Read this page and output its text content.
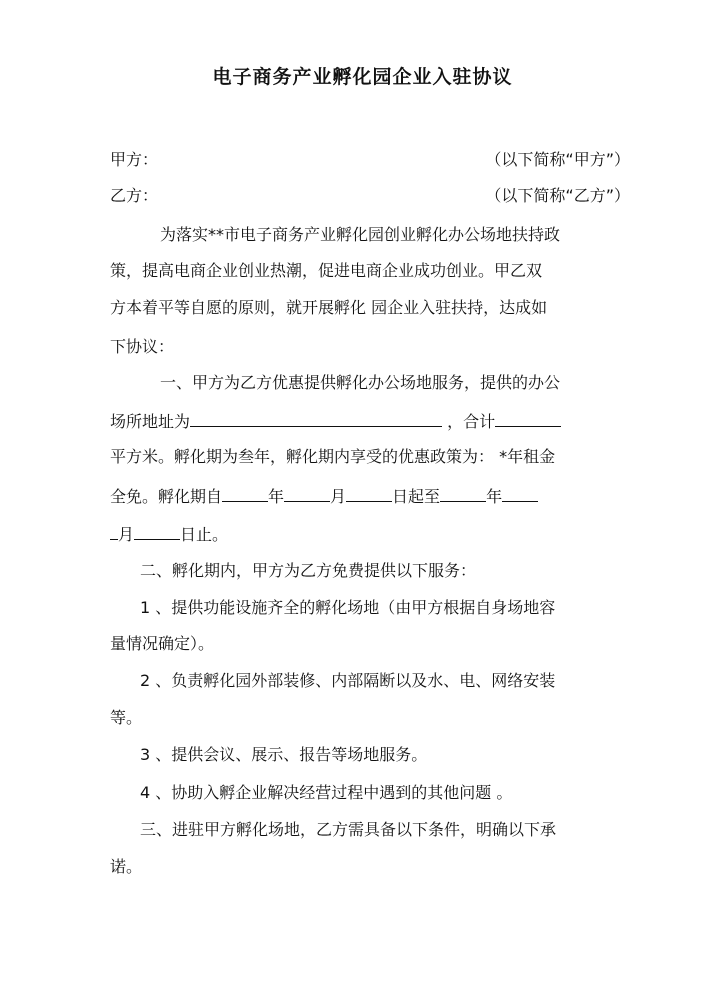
电子商务产业孵化园企业入驻协议
甲方：	（以下简称“甲方”）
乙方：	（以下简称“乙方”）
为落实**市电子商务产业孵化园创业孵化办公场地扶持政
策，提高电商企业创业热潮，促进电商企业成功创业。甲乙双
方本着平等自愿的原则，就开展孵化 园企业入驻扶持，达成如
下协议：
一、甲方为乙方优惠提供孵化办公场地服务，提供的办公
场所地址为	，合计
平方米。孵化期为叁年，孵化期内享受的优惠政策为： *年租金
全免。孵化期自	年	月	日起至	年
月	日止。
二、孵化期内，甲方为乙方免费提供以下服务：
1 、提供功能设施齐全的孵化场地（由甲方根据自身场地容
量情况确定）。
2 、负责孵化园外部装修、内部隔断以及水、电、网络安装
等。
3 、提供会议、展示、报告等场地服务。
4 、协助入孵企业解决经营过程中遇到的其他问题 。
三、进驻甲方孵化场地，乙方需具备以下条件，明确以下承
诺。
